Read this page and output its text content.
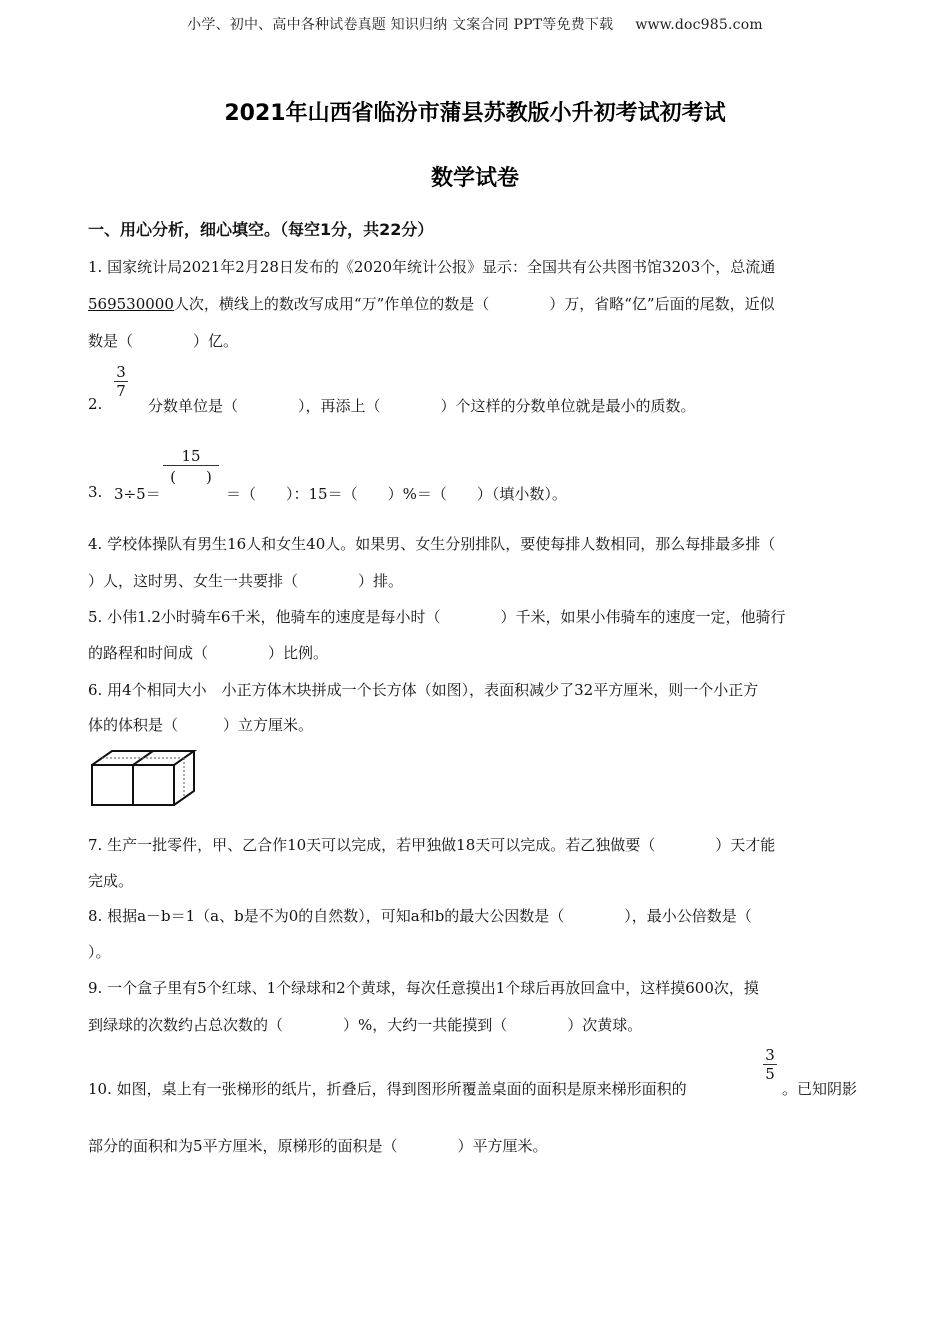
小学、初中、高中各种试卷真题 知识归纳 文案合同 PPT等免费下载 www.doc985.com
2021年山西省临汾市蒲县苏教版小升初考试初考试
数学试卷
一、用心分析，细心填空。（每空1分，共22分）
1. 国家统计局2021年2月28日发布的《2020年统计公报》显示：全国共有公共图书馆3203个，总流通
569530000人次，横线上的数改写成用“万”作单位的数是（　　　　）万，省略“亿”后面的尾数，近似
数是（　　　　）亿。
$\frac{3}{7}$
2.	分数单位是（　　　　），再添上（　　　　）个这样的分数单位就是最小的质数。
3. 3÷5＝
15
(　　)
＝（　　）：15＝（　　）%＝（　　）（填小数）。
4. 学校体操队有男生16人和女生40人。如果男、女生分别排队，要使每排人数相同，那么每排最多排（
）人，这时男、女生一共要排（　　　　）排。
5. 小伟1.2小时骑车6千米，他骑车的速度是每小时（　　　　）千米，如果小伟骑车的速度一定，他骑行
的路程和时间成（　　　　）比例。
6. 用4个相同大小　小正方体木块拼成一个长方体（如图），表面积减少了32平方厘米，则一个小正方
体的体积是（　　　）立方厘米。
7. 生产一批零件，甲、乙合作10天可以完成，若甲独做18天可以完成。若乙独做要（　　　　）天才能
完成。
8. 根据a－b＝1（a、b是不为0的自然数），可知a和b的最大公因数是（　　　　），最小公倍数是（
）。
9. 一个盒子里有5个红球、1个绿球和2个黄球，每次任意摸出1个球后再放回盒中，这样摸600次，摸
到绿球的次数约占总次数的（　　　　）%，大约一共能摸到（　　　　）次黄球。
10. 如图，桌上有一张梯形的纸片，折叠后，得到图形所覆盖桌面的面积是原来梯形面积的
$\frac{3}{5}$
。已知阴影
部分的面积和为5平方厘米，原梯形的面积是（　　　　）平方厘米。
